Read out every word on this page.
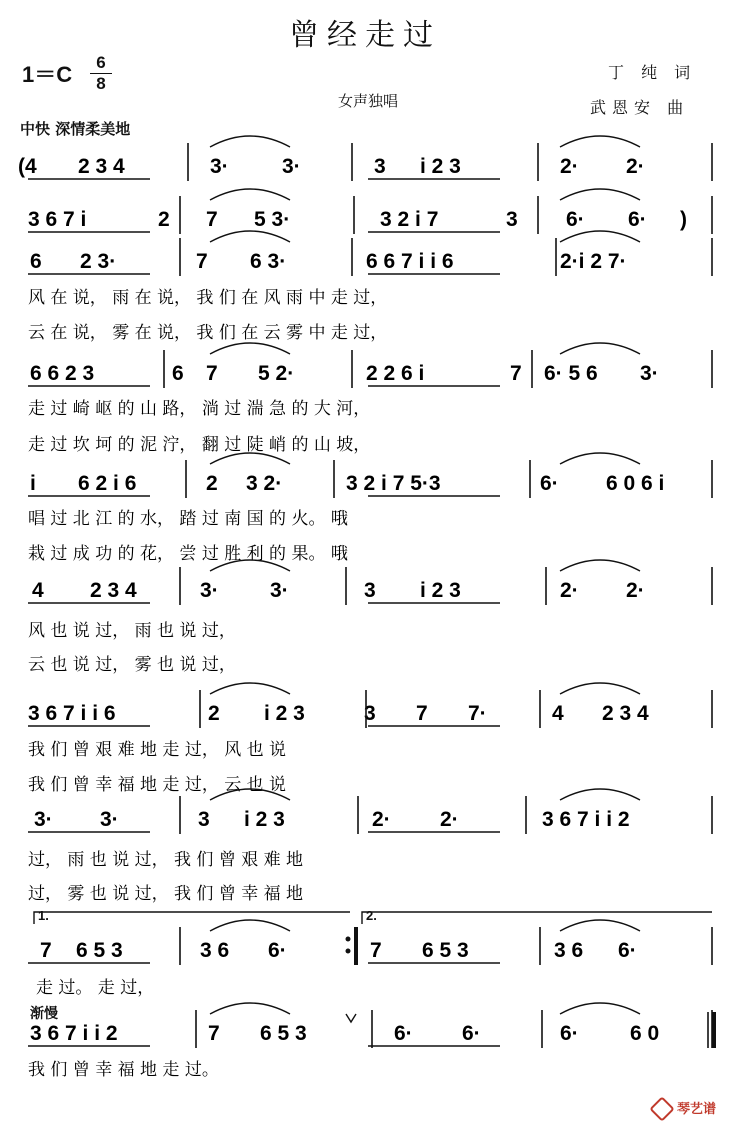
曾经走过
1＝C	6
8
女声独唱
丁 纯 词
武恩安 曲
中快 深情柔美地
渐慢
1.	2.
(4 2 3 4	3·	3·	3 i 2 3	2· 2·
3 6 7 i	2 7 5 3·	3 2 i 7	3 6· 6· )
6 2 3·	7 6 3·	6 6 7 i i 6	2·i 2 7·
风 在 说， 雨 在 说， 我 们 在 风 雨 中 走 过，
云 在 说， 雾 在 说， 我 们 在 云 雾 中 走 过，
6 6 2 3	6 7 5 2·	2 2 6 i	7 6· 5 6 3·
走 过 崎 岖 的 山 路， 淌 过 湍 急 的 大 河，
走 过 坎 坷 的 泥 泞， 翻 过 陡 峭 的 山 坡，
i 6 2 i 6	2 3 2·	3 2 i 7 5·3	6· 6 0 6 i
唱 过 北 江 的 水， 踏 过 南 国 的 火。 哦
栽 过 成 功 的 花， 尝 过 胜 利 的 果。 哦
4 2 3 4	3· 3·	3 i 2 3	2· 2·
风 也 说 过， 雨 也 说 过，
云 也 说 过， 雾 也 说 过，
3 6 7 i i 6	2 i 2 3	3 7 7·	4 2 3 4
我 们 曾 艰 难 地 走 过， 风 也 说
我 们 曾 幸 福 地 走 过， 云 也 说
3· 3·	3 i 2 3	2· 2·	3 6 7 i i 2
过， 雨 也 说 过， 我 们 曾 艰 难 地
过， 雾 也 说 过， 我 们 曾 幸 福 地
7 6 5 3	3 6 6·	7 6 5 3	3 6 6·
走 过。 走 过，
3 6 7 i i 2	7 6 5 3	6· 6·	6· 6 0
我 们 曾 幸 福 地 走 过。
琴艺谱
